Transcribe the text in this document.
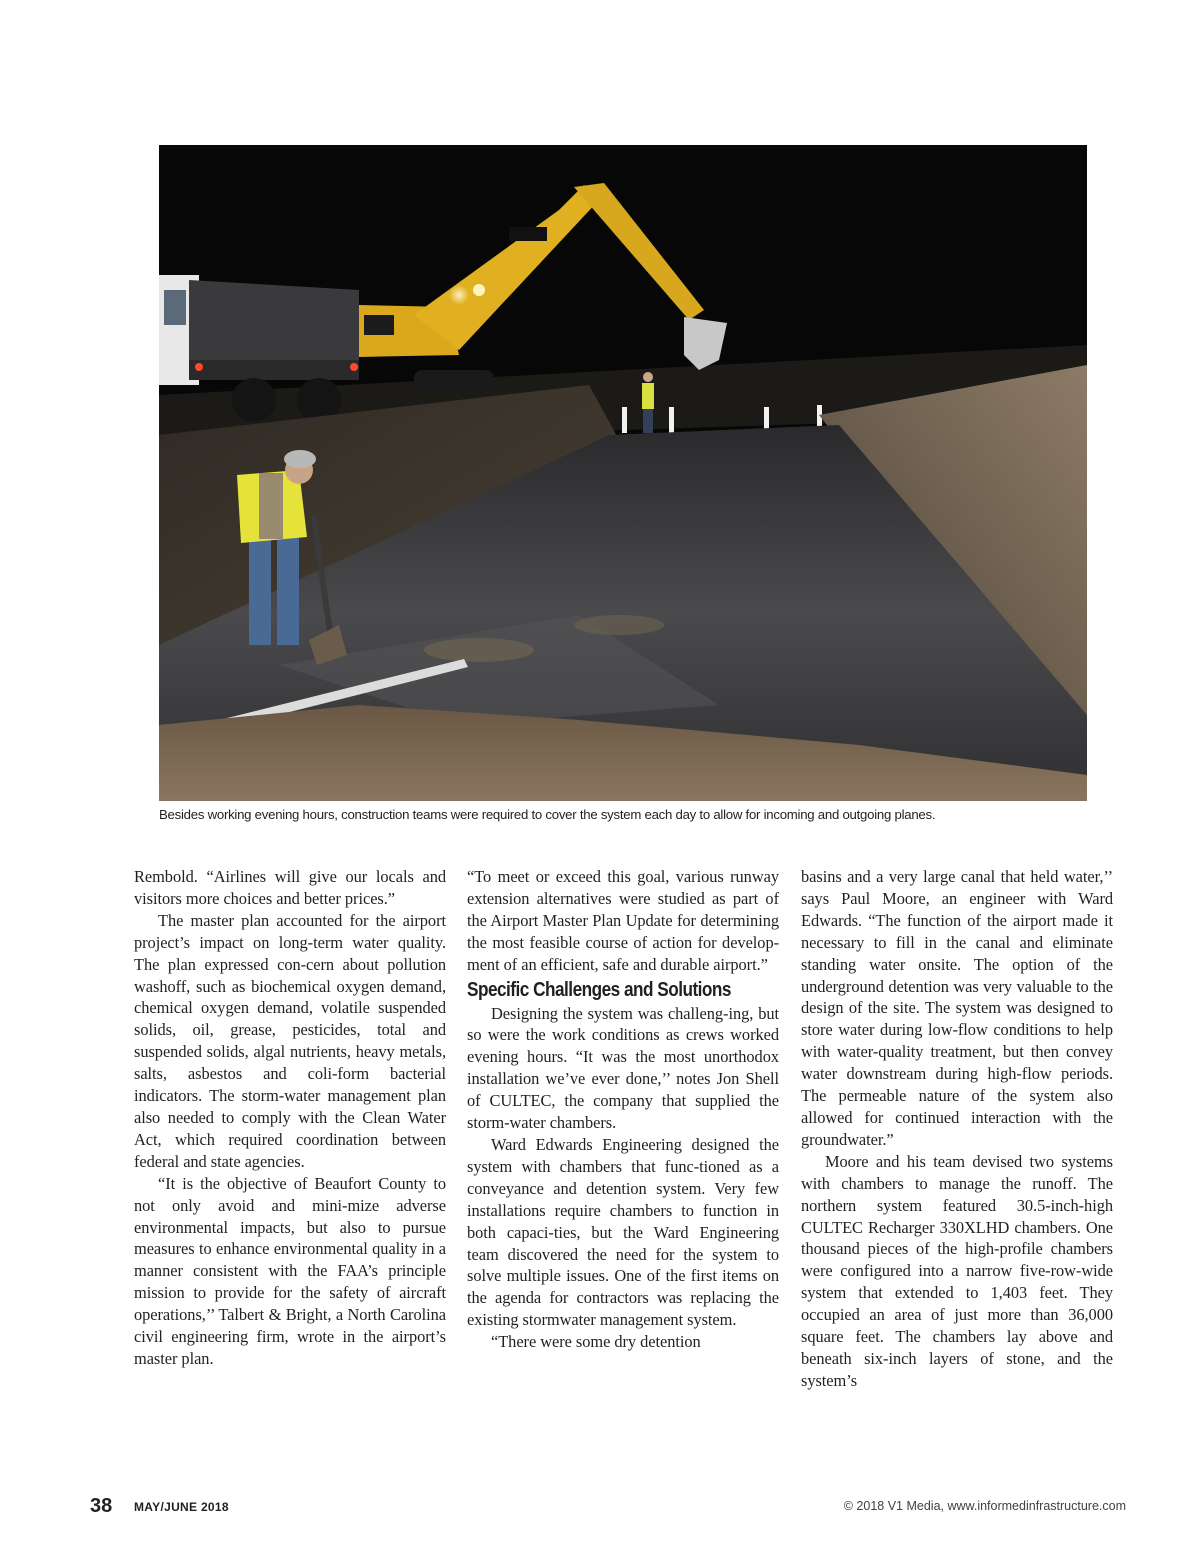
Besides working evening hours, construction teams were required to cover the system each day to allow for incoming and outgoing planes.

Rembold. “Airlines will give our locals and visitors more choices and better prices.”

The master plan accounted for the airport project’s impact on long-term water quality. The plan expressed con-cern about pollution washoff, such as biochemical oxygen demand, chemical oxygen demand, volatile suspended solids, oil, grease, pesticides, total and suspended solids, algal nutrients, heavy metals, salts, asbestos and coli-form bacterial indicators. The storm-water management plan also needed to comply with the Clean Water Act, which required coordination between federal and state agencies.

“It is the objective of Beaufort County to not only avoid and mini-mize adverse environmental impacts, but also to pursue measures to enhance environmental quality in a manner consistent with the FAA’s principle mission to provide for the safety of aircraft operations,’’ Talbert & Bright, a North Carolina civil engineering firm, wrote in the airport’s master plan.

“To meet or exceed this goal, various runway extension alternatives were studied as part of the Airport Master Plan Update for determining the most feasible course of action for develop-ment of an efficient, safe and durable airport.”

Specific Challenges and Solutions

Designing the system was challeng-ing, but so were the work conditions as crews worked evening hours. “It was the most unorthodox installation we’ve ever done,’’ notes Jon Shell of CULTEC, the company that supplied the storm-water chambers.

Ward Edwards Engineering designed the system with chambers that func-tioned as a conveyance and detention system. Very few installations require chambers to function in both capaci-ties, but the Ward Engineering team discovered the need for the system to solve multiple issues. One of the first items on the agenda for contractors was replacing the existing stormwater management system.

“There were some dry detention

basins and a very large canal that held water,’’ says Paul Moore, an engineer with Ward Edwards. “The function of the airport made it necessary to fill in the canal and eliminate standing water onsite. The option of the underground detention was very valuable to the design of the site. The system was designed to store water during low-flow conditions to help with water-quality treatment, but then convey water downstream during high-flow periods. The permeable nature of the system also allowed for continued interaction with the groundwater.”

Moore and his team devised two systems with chambers to manage the runoff. The northern system featured 30.5-inch-high CULTEC Recharger 330XLHD chambers. One thousand pieces of the high-profile chambers were configured into a narrow five-row-wide system that extended to 1,403 feet. They occupied an area of just more than 36,000 square feet. The chambers lay above and beneath six-inch layers of stone, and the system’s

38 MAY/JUNE 2018	© 2018 V1 Media, www.informedinfrastructure.com
